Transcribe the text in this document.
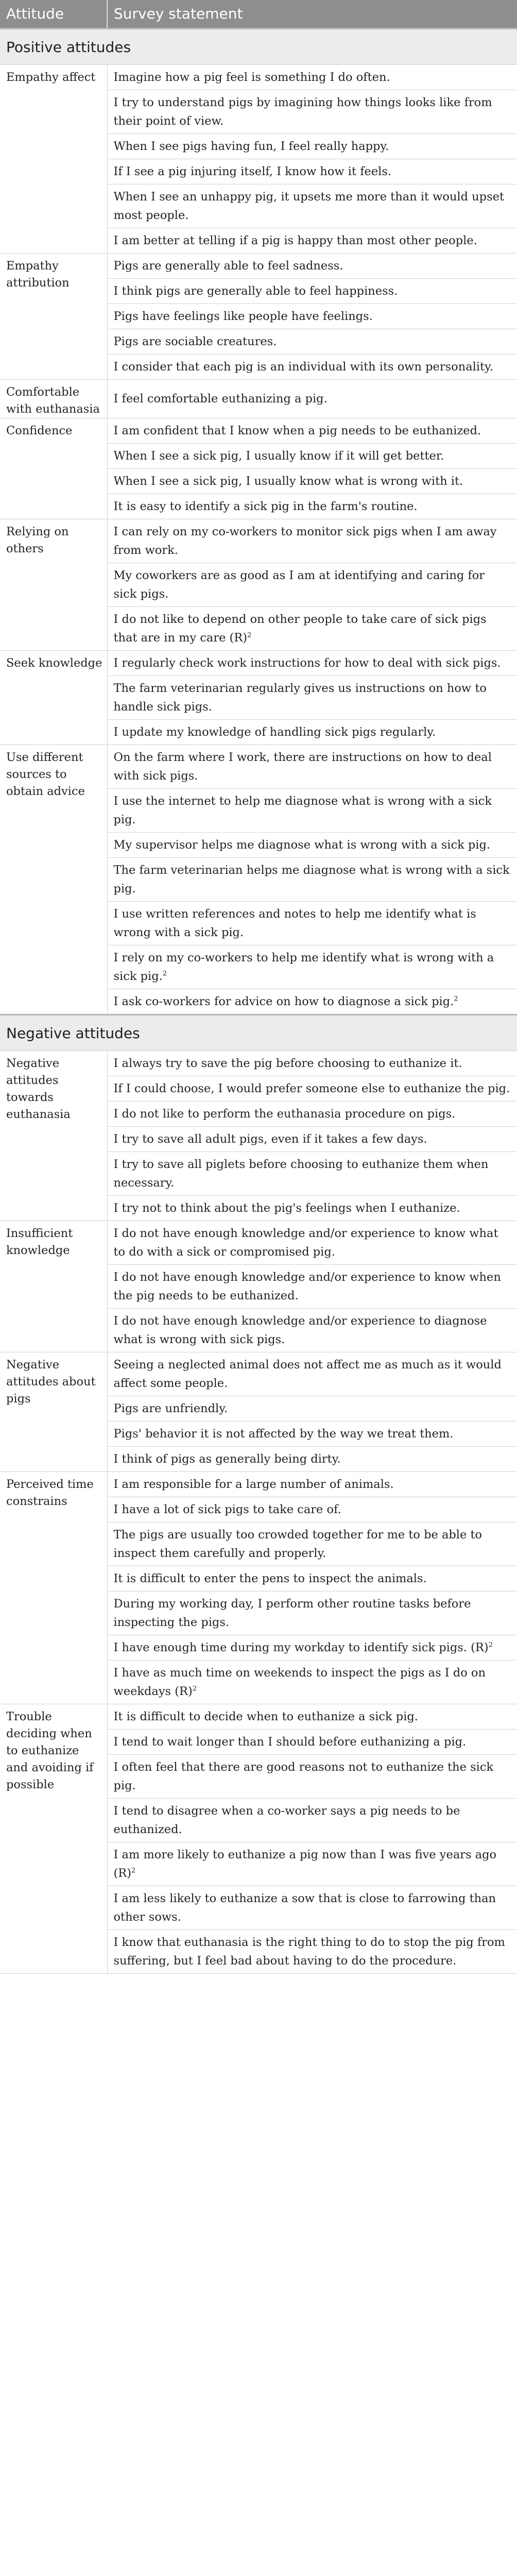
Attitude	Survey statement
Positive attitudes	
Empathy affect	Imagine how a pig feel is something I do often.
	I try to understand pigs by imagining how things looks like from their point of view.
	When I see pigs having fun, I feel really happy.
	If I see a pig injuring itself, I know how it feels.
	When I see an unhappy pig, it upsets me more than it would upset most people.
	I am better at telling if a pig is happy than most other people.
Empathy attribution	Pigs are generally able to feel sadness.
	I think pigs are generally able to feel happiness.
	Pigs have feelings like people have feelings.
	Pigs are sociable creatures.
	I consider that each pig is an individual with its own personality.
Comfortable with euthanasia	I feel comfortable euthanizing a pig.
Confidence	I am confident that I know when a pig needs to be euthanized.
	When I see a sick pig, I usually know if it will get better.
	When I see a sick pig, I usually know what is wrong with it.
	It is easy to identify a sick pig in the farm's routine.
Relying on others	I can rely on my co-workers to monitor sick pigs when I am away from work.
	My coworkers are as good as I am at identifying and caring for sick pigs.
	I do not like to depend on other people to take care of sick pigs that are in my care $(R)^2$
Seek knowledge	I regularly check work instructions for how to deal with sick pigs.
	The farm veterinarian regularly gives us instructions on how to handle sick pigs.
	I update my knowledge of handling sick pigs regularly.
Use different sources to obtain advice	On the farm where I work, there are instructions on how to deal with sick pigs.
	I use the internet to help me diagnose what is wrong with a sick pig.
	My supervisor helps me diagnose what is wrong with a sick pig.
	The farm veterinarian helps me diagnose what is wrong with a sick pig.
	I use written references and notes to help me identify what is wrong with a sick pig.
	I rely on my co-workers to help me identify what is wrong with a sick pig.$^2$
	I ask co-workers for advice on how to diagnose a sick pig.$^2$
Negative attitudes	
Negative attitudes towards euthanasia	I always try to save the pig before choosing to euthanize it.
	If I could choose, I would prefer someone else to euthanize the pig.
	I do not like to perform the euthanasia procedure on pigs.
	I try to save all adult pigs, even if it takes a few days.
	I try to save all piglets before choosing to euthanize them when necessary.
	I try not to think about the pig's feelings when I euthanize.
Insufficient knowledge	I do not have enough knowledge and/or experience to know what to do with a sick or compromised pig.
	I do not have enough knowledge and/or experience to know when the pig needs to be euthanized.
	I do not have enough knowledge and/or experience to diagnose what is wrong with sick pigs.
Negative attitudes about pigs	Seeing a neglected animal does not affect me as much as it would affect some people.
	Pigs are unfriendly.
	Pigs' behavior it is not affected by the way we treat them.
	I think of pigs as generally being dirty.
Perceived time constrains	I am responsible for a large number of animals.
	I have a lot of sick pigs to take care of.
	The pigs are usually too crowded together for me to be able to inspect them carefully and properly.
	It is difficult to enter the pens to inspect the animals.
	During my working day, I perform other routine tasks before inspecting the pigs.
	I have enough time during my workday to identify sick pigs. $(R)^2$
	I have as much time on weekends to inspect the pigs as I do on weekdays $(R)^2$
Trouble deciding when to euthanize and avoiding if possible	It is difficult to decide when to euthanize a sick pig.
	I tend to wait longer than I should before euthanizing a pig.
	I often feel that there are good reasons not to euthanize the sick pig.
	I tend to disagree when a co-worker says a pig needs to be euthanized.
	I am more likely to euthanize a pig now than I was five years ago $(R)^2$
	I am less likely to euthanize a sow that is close to farrowing than other sows.
	I know that euthanasia is the right thing to do to stop the pig from suffering, but I feel bad about having to do the procedure.
